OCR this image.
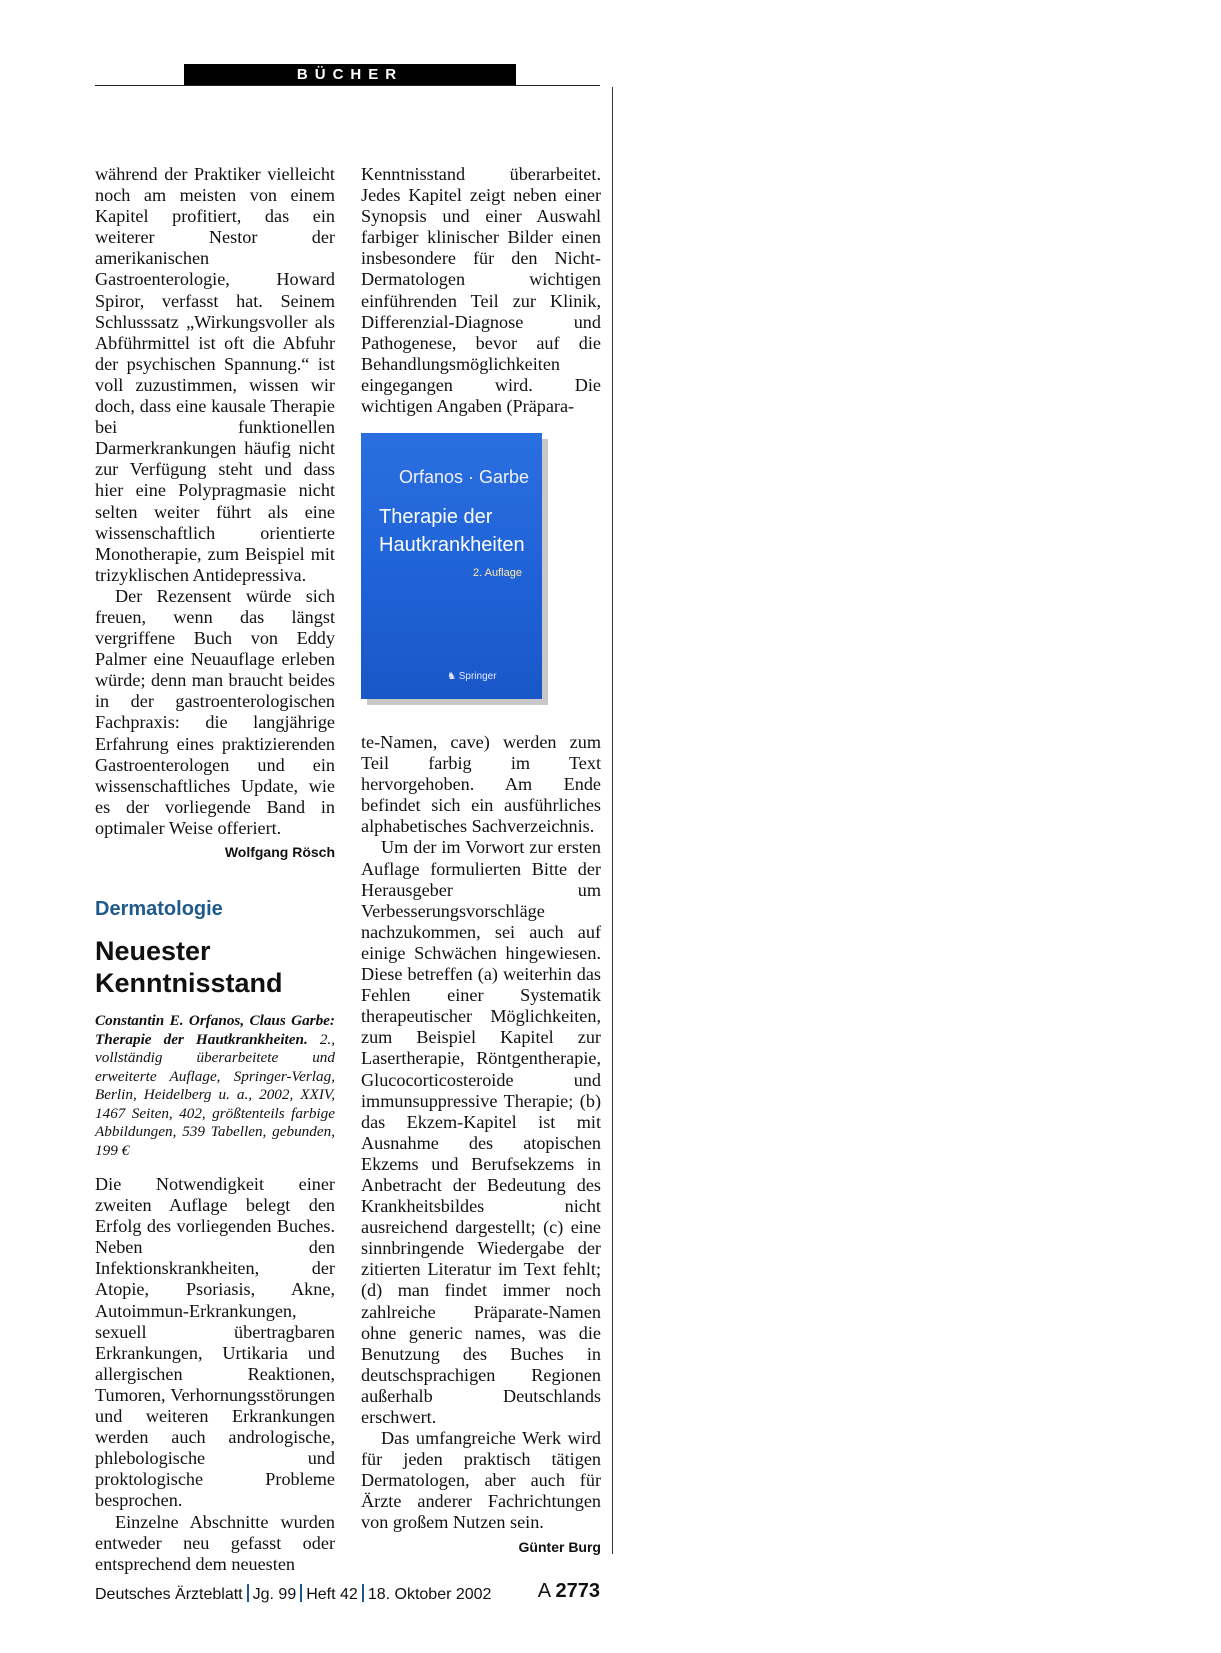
BÜCHER

während der Praktiker vielleicht noch am meisten von einem Kapitel profitiert, das ein weiterer Nestor der amerikanischen Gastroenterologie, Howard Spiror, verfasst hat. Seinem Schlusssatz „Wirkungsvoller als Abführmittel ist oft die Abfuhr der psychischen Spannung.“ ist voll zuzustimmen, wissen wir doch, dass eine kausale Therapie bei funktionellen Darmerkrankungen häufig nicht zur Verfügung steht und dass hier eine Polypragmasie nicht selten weiter führt als eine wissenschaftlich orientierte Monotherapie, zum Beispiel mit trizyklischen Antidepressiva.

Der Rezensent würde sich freuen, wenn das längst vergriffene Buch von Eddy Palmer eine Neuauflage erleben würde; denn man braucht beides in der gastroenterologischen Fachpraxis: die langjährige Erfahrung eines praktizierenden Gastroenterologen und ein wissenschaftliches Update, wie es der vorliegende Band in optimaler Weise offeriert.
Wolfgang Rösch

Dermatologie
Neuester Kenntnisstand
Constantin E. Orfanos, Claus Garbe: Therapie der Hautkrankheiten. 2., vollständig überarbeitete und erweiterte Auflage, Springer-Verlag, Berlin, Heidelberg u. a., 2002, XXIV, 1467 Seiten, 402, größtenteils farbige Abbildungen, 539 Tabellen, gebunden, 199 €

Die Notwendigkeit einer zweiten Auflage belegt den Erfolg des vorliegenden Buches. Neben den Infektionskrankheiten, der Atopie, Psoriasis, Akne, Autoimmun-Erkrankungen, sexuell übertragbaren Erkrankungen, Urtikaria und allergischen Reaktionen, Tumoren, Verhornungsstörungen und weiteren Erkrankungen werden auch andrologische, phlebologische und proktologische Probleme besprochen.

Einzelne Abschnitte wurden entweder neu gefasst oder entsprechend dem neuesten

Kenntnisstand überarbeitet. Jedes Kapitel zeigt neben einer Synopsis und einer Auswahl farbiger klinischer Bilder einen insbesondere für den Nicht-Dermatologen wichtigen einführenden Teil zur Klinik, Differenzial-Diagnose und Pathogenese, bevor auf die Behandlungsmöglichkeiten eingegangen wird. Die wichtigen Angaben (Präpara-

Orfanos · Garbe
Therapie der
Hautkrankheiten
2. Auflage
♞ Springer

te-Namen, cave) werden zum Teil farbig im Text hervorgehoben. Am Ende befindet sich ein ausführliches alphabetisches Sachverzeichnis.

Um der im Vorwort zur ersten Auflage formulierten Bitte der Herausgeber um Verbesserungsvorschläge nachzukommen, sei auch auf einige Schwächen hingewiesen. Diese betreffen (a) weiterhin das Fehlen einer Systematik therapeutischer Möglichkeiten, zum Beispiel Kapitel zur Lasertherapie, Röntgentherapie, Glucocorticosteroide und immunsuppressive Therapie; (b) das Ekzem-Kapitel ist mit Ausnahme des atopischen Ekzems und Berufsekzems in Anbetracht der Bedeutung des Krankheitsbildes nicht ausreichend dargestellt; (c) eine sinnbringende Wiedergabe der zitierten Literatur im Text fehlt; (d) man findet immer noch zahlreiche Präparate-Namen ohne generic names, was die Benutzung des Buches in deutschsprachigen Regionen außerhalb Deutschlands erschwert.

Das umfangreiche Werk wird für jeden praktisch tätigen Dermatologen, aber auch für Ärzte anderer Fachrichtungen von großem Nutzen sein.
Günter Burg

Deutsches Ärzteblatt Jg. 99 Heft 42 18. Oktober 2002 A 2773
